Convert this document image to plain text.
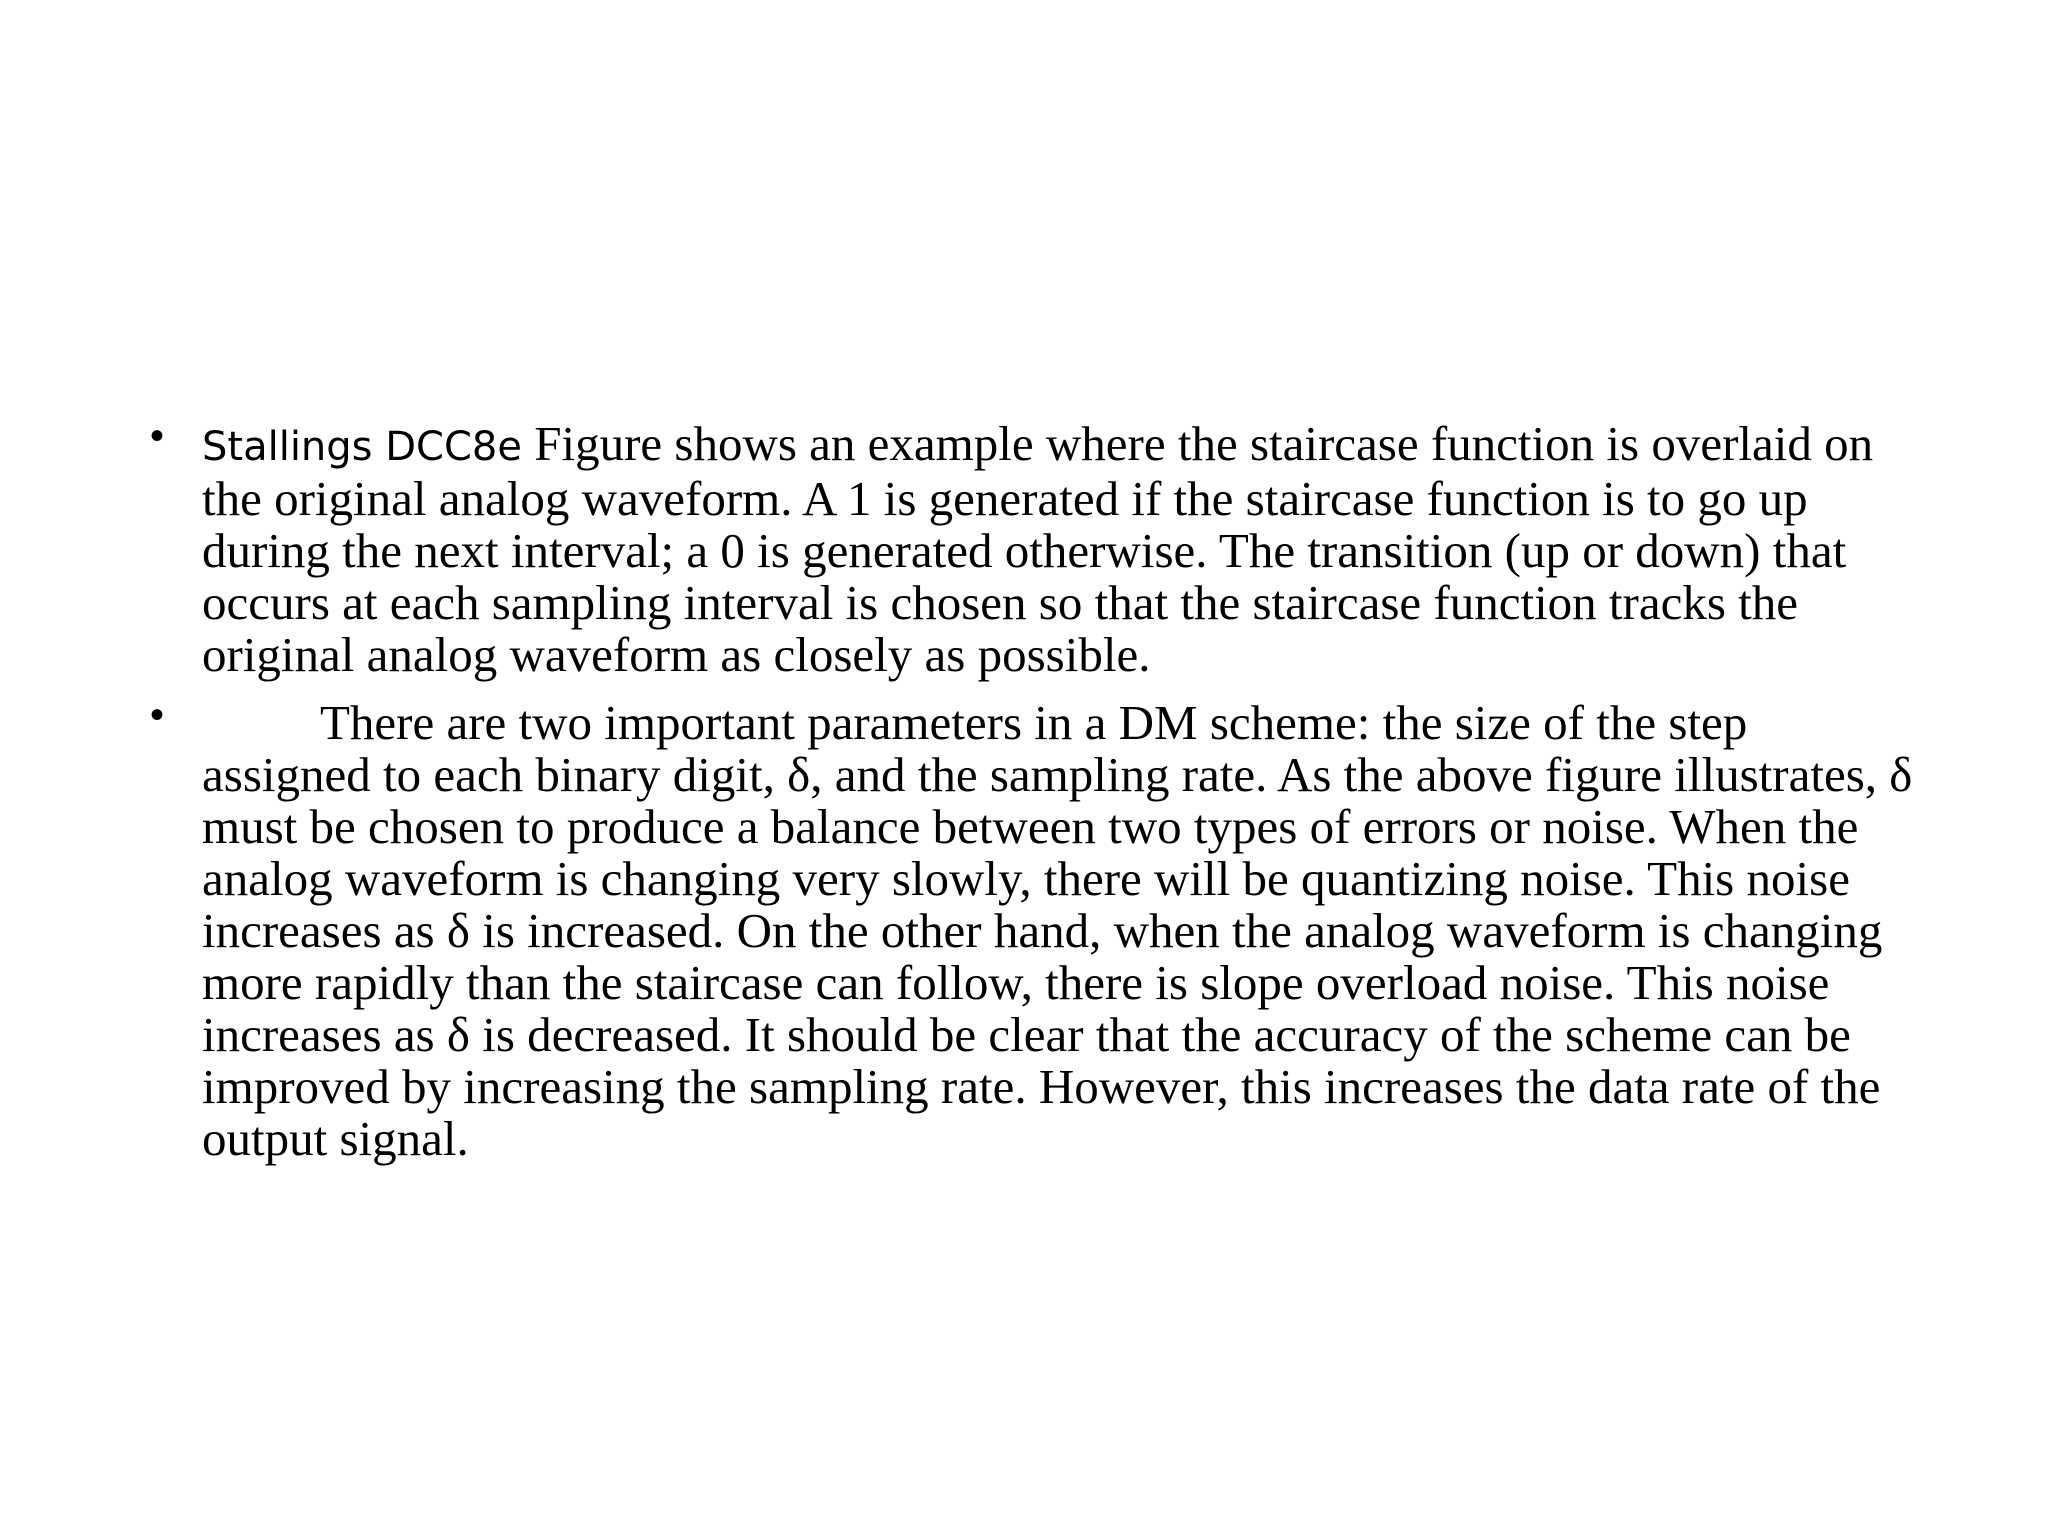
• Stallings DCC8e Figure shows an example where the staircase function is overlaid on the original analog waveform. A 1 is generated if the staircase function is to go up during the next interval; a 0 is generated otherwise. The transition (up or down) that occurs at each sampling interval is chosen so that the staircase function tracks the original analog waveform as closely as possible.
•	There are two important parameters in a DM scheme: the size of the step assigned to each binary digit, δ, and the sampling rate. As the above figure illustrates, δ must be chosen to produce a balance between two types of errors or noise. When the analog waveform is changing very slowly, there will be quantizing noise. This noise increases as δ is increased. On the other hand, when the analog waveform is changing more rapidly than the staircase can follow, there is slope overload noise. This noise increases as δ is decreased. It should be clear that the accuracy of the scheme can be improved by increasing the sampling rate. However, this increases the data rate of the output signal.
